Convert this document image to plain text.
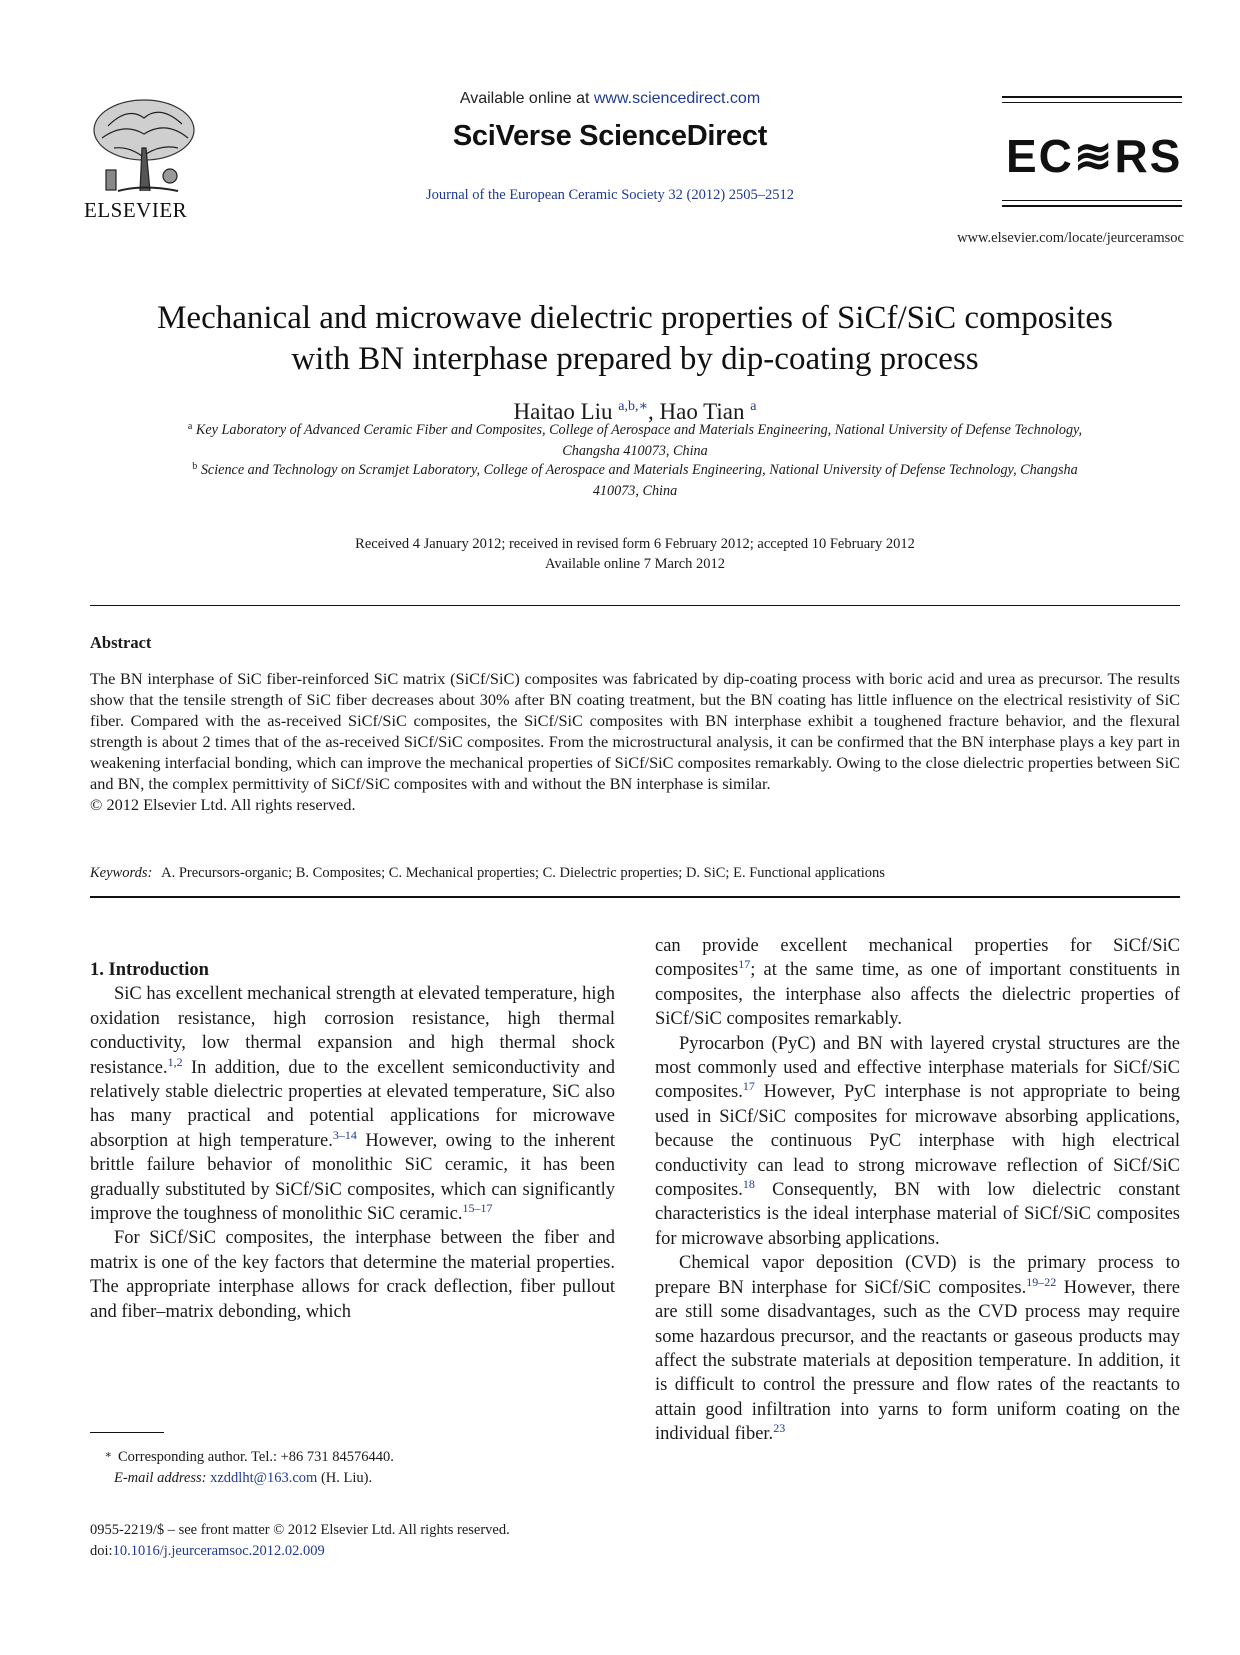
ELSEVIER
Available online at www.sciencedirect.com
SciVerse ScienceDirect
Journal of the European Ceramic Society 32 (2012) 2505–2512
EC≋RS
www.elsevier.com/locate/jeurceramsoc
Mechanical and microwave dielectric properties of SiCf/SiC composites
with BN interphase prepared by dip-coating process
Haitao Liu $^{a,b,∗}$, Hao Tian $^a$
$^a$ Key Laboratory of Advanced Ceramic Fiber and Composites, College of Aerospace and Materials Engineering, National University of Defense Technology,
Changsha 410073, China
$^b$ Science and Technology on Scramjet Laboratory, College of Aerospace and Materials Engineering, National University of Defense Technology, Changsha
410073, China
Received 4 January 2012; received in revised form 6 February 2012; accepted 10 February 2012
Available online 7 March 2012
Abstract
The BN interphase of SiC fiber-reinforced SiC matrix (SiCf/SiC) composites was fabricated by dip-coating process with boric acid and urea as precursor. The results show that the tensile strength of SiC fiber decreases about 30% after BN coating treatment, but the BN coating has little influence on the electrical resistivity of SiC fiber. Compared with the as-received SiCf/SiC composites, the SiCf/SiC composites with BN interphase exhibit a toughened fracture behavior, and the flexural strength is about 2 times that of the as-received SiCf/SiC composites. From the microstructural analysis, it can be confirmed that the BN interphase plays a key part in weakening interfacial bonding, which can improve the mechanical properties of SiCf/SiC composites remarkably. Owing to the close dielectric properties between SiC and BN, the complex permittivity of SiCf/SiC composites with and without the BN interphase is similar.
© 2012 Elsevier Ltd. All rights reserved.
Keywords: A. Precursors-organic; B. Composites; C. Mechanical properties; C. Dielectric properties; D. SiC; E. Functional applications

1. Introduction

SiC has excellent mechanical strength at elevated temperature, high oxidation resistance, high corrosion resistance, high thermal conductivity, low thermal expansion and high thermal shock resistance.$^{1,2}$ In addition, due to the excellent semiconductivity and relatively stable dielectric properties at elevated temperature, SiC also has many practical and potential applications for microwave absorption at high temperature.$^{3-14}$ However, owing to the inherent brittle failure behavior of monolithic SiC ceramic, it has been gradually substituted by SiCf/SiC composites, which can significantly improve the toughness of monolithic SiC ceramic.$^{15-17}$

For SiCf/SiC composites, the interphase between the fiber and matrix is one of the key factors that determine the material properties. The appropriate interphase allows for crack deflection, fiber pullout and fiber–matrix debonding, which

can provide excellent mechanical properties for SiCf/SiC composites$^{17}$; at the same time, as one of important constituents in composites, the interphase also affects the dielectric properties of SiCf/SiC composites remarkably.

Pyrocarbon (PyC) and BN with layered crystal structures are the most commonly used and effective interphase materials for SiCf/SiC composites.$^{17}$ However, PyC interphase is not appropriate to being used in SiCf/SiC composites for microwave absorbing applications, because the continuous PyC interphase with high electrical conductivity can lead to strong microwave reflection of SiCf/SiC composites.$^{18}$ Consequently, BN with low dielectric constant characteristics is the ideal interphase material of SiCf/SiC composites for microwave absorbing applications.

Chemical vapor deposition (CVD) is the primary process to prepare BN interphase for SiCf/SiC composites.$^{19-22}$ However, there are still some disadvantages, such as the CVD process may require some hazardous precursor, and the reactants or gaseous products may affect the substrate materials at deposition temperature. In addition, it is difficult to control the pressure and flow rates of the reactants to attain good infiltration into yarns to form uniform coating on the individual fiber.$^{23}$

∗ Corresponding author. Tel.: +86 731 84576440.
E-mail address: xzddlht@163.com (H. Liu).
0955-2219/$ – see front matter © 2012 Elsevier Ltd. All rights reserved.
doi:10.1016/j.jeurceramsoc.2012.02.009
